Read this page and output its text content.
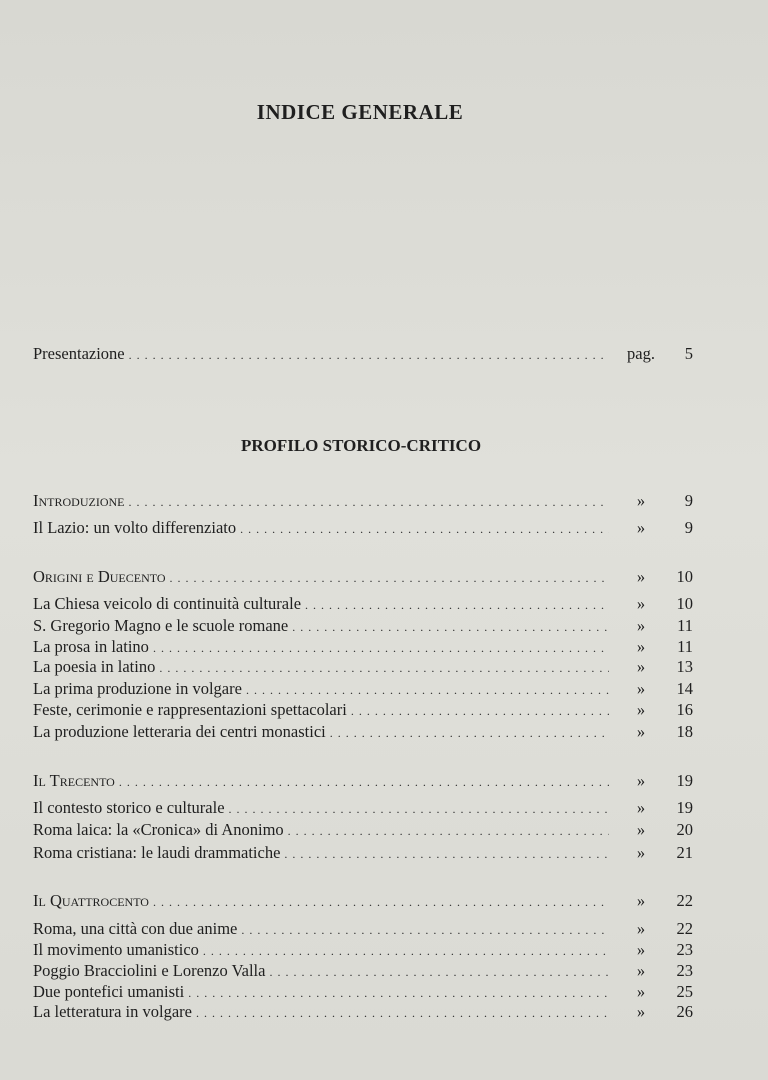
INDICE GENERALE
Presentazione . . .	pag.	5
PROFILO STORICO-CRITICO
Introduzione . . .	»	9
Il Lazio: un volto differenziato . . .	»	9
Origini e Duecento . . .	»	10
La Chiesa veicolo di continuità culturale . . .	»	10
S. Gregorio Magno e le scuole romane . . .	»	11
La prosa in latino . . .	»	11
La poesia in latino . . .	»	13
La prima produzione in volgare . . .	»	14
Feste, cerimonie e rappresentazioni spettacolari . . .	»	16
La produzione letteraria dei centri monastici . . .	»	18
Il Trecento . . .	»	19
Il contesto storico e culturale . . .	»	19
Roma laica: la «Cronica» di Anonimo . . .	»	20
Roma cristiana: le laudi drammatiche . . .	»	21
Il Quattrocento . . .	»	22
Roma, una città con due anime . . .	»	22
Il movimento umanistico . . .	»	23
Poggio Bracciolini e Lorenzo Valla . . .	»	23
Due pontefici umanisti . . .	»	25
La letteratura in volgare . . .	»	26
